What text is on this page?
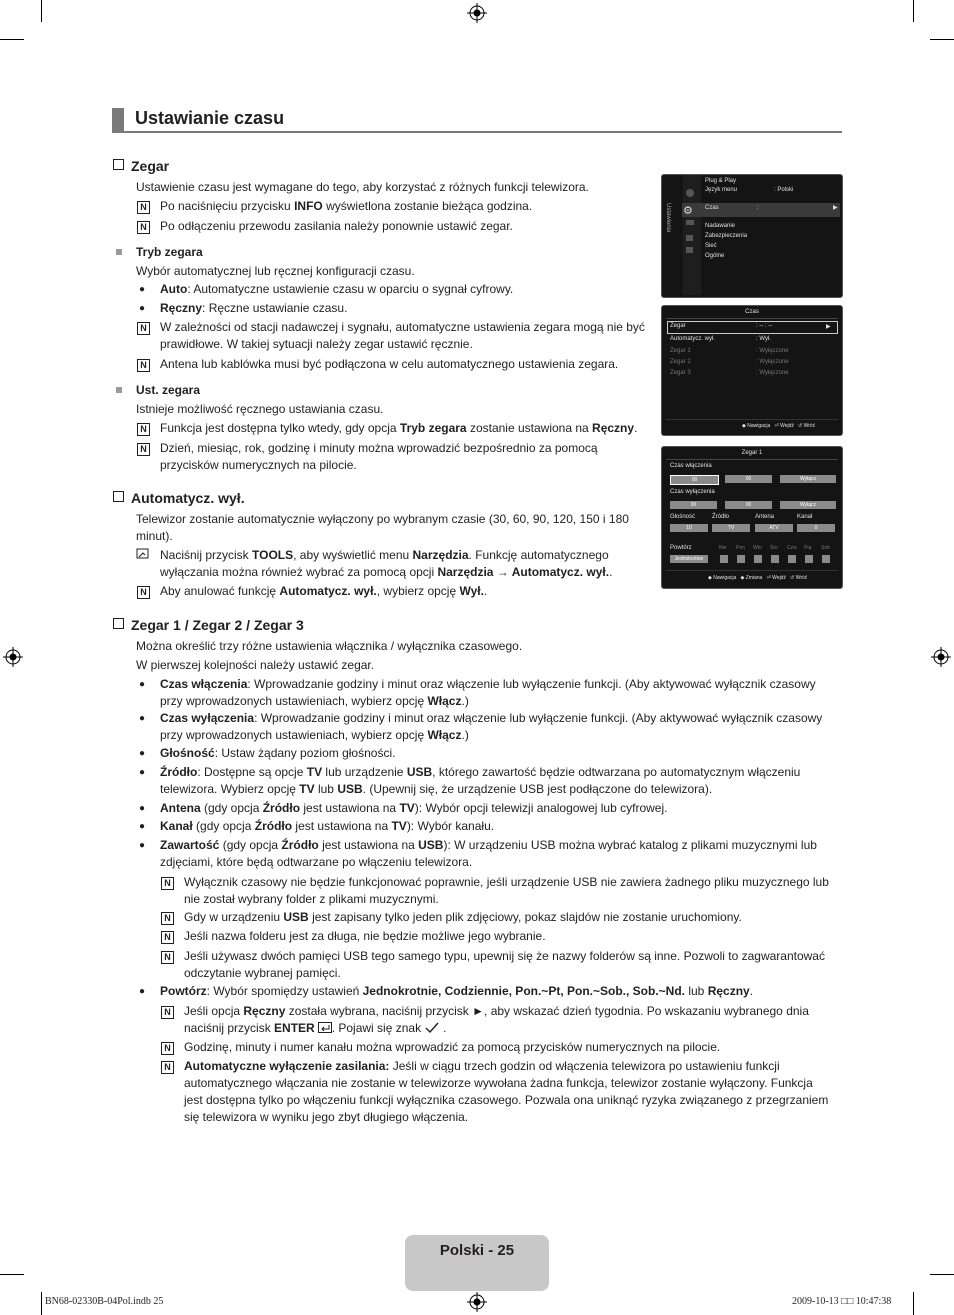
Ustawianie czasu
Zegar
Ustawienie czasu jest wymagane do tego, aby korzystać z różnych funkcji telewizora.
N Po naciśnięciu przycisku INFO wyświetlona zostanie bieżąca godzina.
N Po odłączeniu przewodu zasilania należy ponownie ustawić zegar.
Tryb zegara
Wybór automatycznej lub ręcznej konfiguracji czasu.
● Auto: Automatyczne ustawienie czasu w oparciu o sygnał cyfrowy.
● Ręczny: Ręczne ustawianie czasu.
N W zależności od stacji nadawczej i sygnału, automatyczne ustawienia zegara mogą nie być
prawidłowe. W takiej sytuacji należy zegar ustawić ręcznie.
N Antena lub kablówka musi być podłączona w celu automatycznego ustawienia zegara.
Ust. zegara
Istnieje możliwość ręcznego ustawiania czasu.
N Funkcja jest dostępna tylko wtedy, gdy opcja Tryb zegara zostanie ustawiona na Ręczny.
N Dzień, miesiąc, rok, godzinę i minuty można wprowadzić bezpośrednio za pomocą
przycisków numerycznych na pilocie.
Automatycz. wył.
Telewizor zostanie automatycznie wyłączony po wybranym czasie (30, 60, 90, 120, 150 i 180
minut).
Naciśnij przycisk TOOLS, aby wyświetlić menu Narzędzia. Funkcję automatycznego
wyłączania można również wybrać za pomocą opcji Narzędzia → Automatycz. wył..
N Aby anulować funkcję Automatycz. wył., wybierz opcję Wył..
Zegar 1 / Zegar 2 / Zegar 3
Można określić trzy różne ustawienia włącznika / wyłącznika czasowego.
W pierwszej kolejności należy ustawić zegar.
● Czas włączenia: Wprowadzanie godziny i minut oraz włączenie lub wyłączenie funkcji. (Aby aktywować wyłącznik czasowy
przy wprowadzonych ustawieniach, wybierz opcję Włącz.)
● Czas wyłączenia: Wprowadzanie godziny i minut oraz włączenie lub wyłączenie funkcji. (Aby aktywować wyłącznik czasowy
przy wprowadzonych ustawieniach, wybierz opcję Włącz.)
● Głośność: Ustaw żądany poziom głośności.
● Źródło: Dostępne są opcje TV lub urządzenie USB, którego zawartość będzie odtwarzana po automatycznym włączeniu
telewizora. Wybierz opcję TV lub USB. (Upewnij się, że urządzenie USB jest podłączone do telewizora).
● Antena (gdy opcja Źródło jest ustawiona na TV): Wybór opcji telewizji analogowej lub cyfrowej.
● Kanał (gdy opcja Źródło jest ustawiona na TV): Wybór kanału.
● Zawartość (gdy opcja Źródło jest ustawiona na USB): W urządzeniu USB można wybrać katalog z plikami muzycznymi lub
zdjęciami, które będą odtwarzane po włączeniu telewizora.
N Wyłącznik czasowy nie będzie funkcjonować poprawnie, jeśli urządzenie USB nie zawiera żadnego pliku muzycznego lub
nie został wybrany folder z plikami muzycznymi.
N Gdy w urządzeniu USB jest zapisany tylko jeden plik zdjęciowy, pokaz slajdów nie zostanie uruchomiony.
N Jeśli nazwa folderu jest za długa, nie będzie możliwe jego wybranie.
N Jeśli używasz dwóch pamięci USB tego samego typu, upewnij się że nazwy folderów są inne. Pozwoli to zagwarantować
odczytanie wybranej pamięci.
● Powtórz: Wybór spomiędzy ustawień Jednokrotnie, Codziennie, Pon.~Pt, Pon.~Sob., Sob.~Nd. lub Ręczny.
N Jeśli opcja Ręczny została wybrana, naciśnij przycisk ►, aby wskazać dzień tygodnia. Po wskazaniu wybranego dnia
naciśnij przycisk ENTER . Pojawi się znak .
N Godzinę, minuty i numer kanału można wprowadzić za pomocą przycisków numerycznych na pilocie.
N Automatyczne wyłączenie zasilania: Jeśli w ciągu trzech godzin od włączenia telewizora po ustawieniu funkcji
automatycznego włączania nie zostanie w telewizorze wywołana żadna funkcja, telewizor zostanie wyłączony. Funkcja
jest dostępna tylko po włączeniu funkcji wyłącznika czasowego. Pozwala ona uniknąć ryzyka związanego z przegrzaniem
się telewizora w wyniku jego zbyt długiego włączenia.
Ustawienia ⚙
Plug & Play
Język menu	: Polski
Czas	:	▶
Nadawanie
Zabezpieczenia
Sieć
Ogólne
Czas
Zegar	: -- : --	▶
Automatycz. wył.	: Wył.
Zegar 1	: Wyłączone
Zegar 2	: Wyłączone
Zegar 3	: Wyłączone
◆ Nawigacja   ⏎ Wejdź   ↺ Wróć
Zegar 1
Czas włączenia
00	00	Wyłącz
Czas wyłączenia
00	00	Wyłącz
Głośność	Źródło	Antena	Kanał
10	TV	ATV	0
Powtórz
Jednokrotnie
Nie Pon Wto Śro Czw Pią Sob
◆ Nawigacja   ◆ Zmiana   ⏎ Wejdź   ↺ Wróć
Polski - 25
BN68-02330B-04Pol.indb 25	2009-10-13 □□ 10:47:38
